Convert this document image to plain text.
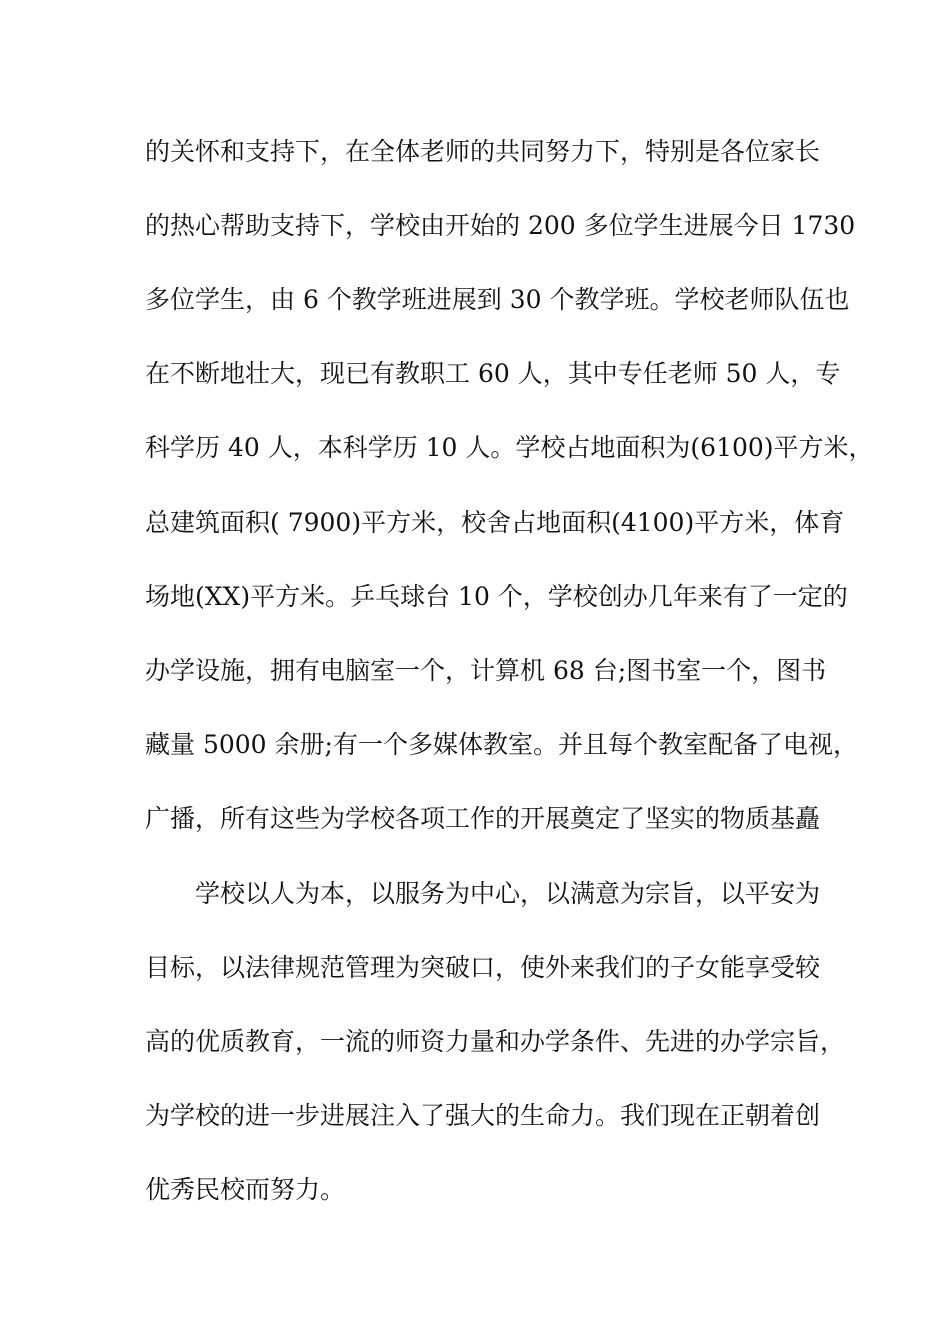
的关怀和支持下，在全体老师的共同努力下，特别是各位家长
的热心帮助支持下，学校由开始的 200 多位学生进展今日 1730
多位学生，由 6 个教学班进展到 30 个教学班。学校老师队伍也
在不断地壮大，现已有教职工 60 人，其中专任老师 50 人，专
科学历 40 人，本科学历 10 人。学校占地面积为(6100)平方米，
总建筑面积( 7900)平方米，校舍占地面积(4100)平方米，体育
场地(XX)平方米。乒乓球台 10 个，学校创办几年来有了一定的
办学设施，拥有电脑室一个，计算机 68 台;图书室一个，图书
藏量 5000 余册;有一个多媒体教室。并且每个教室配备了电视，
广播，所有这些为学校各项工作的开展奠定了坚实的物质基矗
学校以人为本，以服务为中心，以满意为宗旨，以平安为
目标，以法律规范管理为突破口，使外来我们的子女能享受较
高的优质教育，一流的师资力量和办学条件、先进的办学宗旨，
为学校的进一步进展注入了强大的生命力。我们现在正朝着创
优秀民校而努力。
